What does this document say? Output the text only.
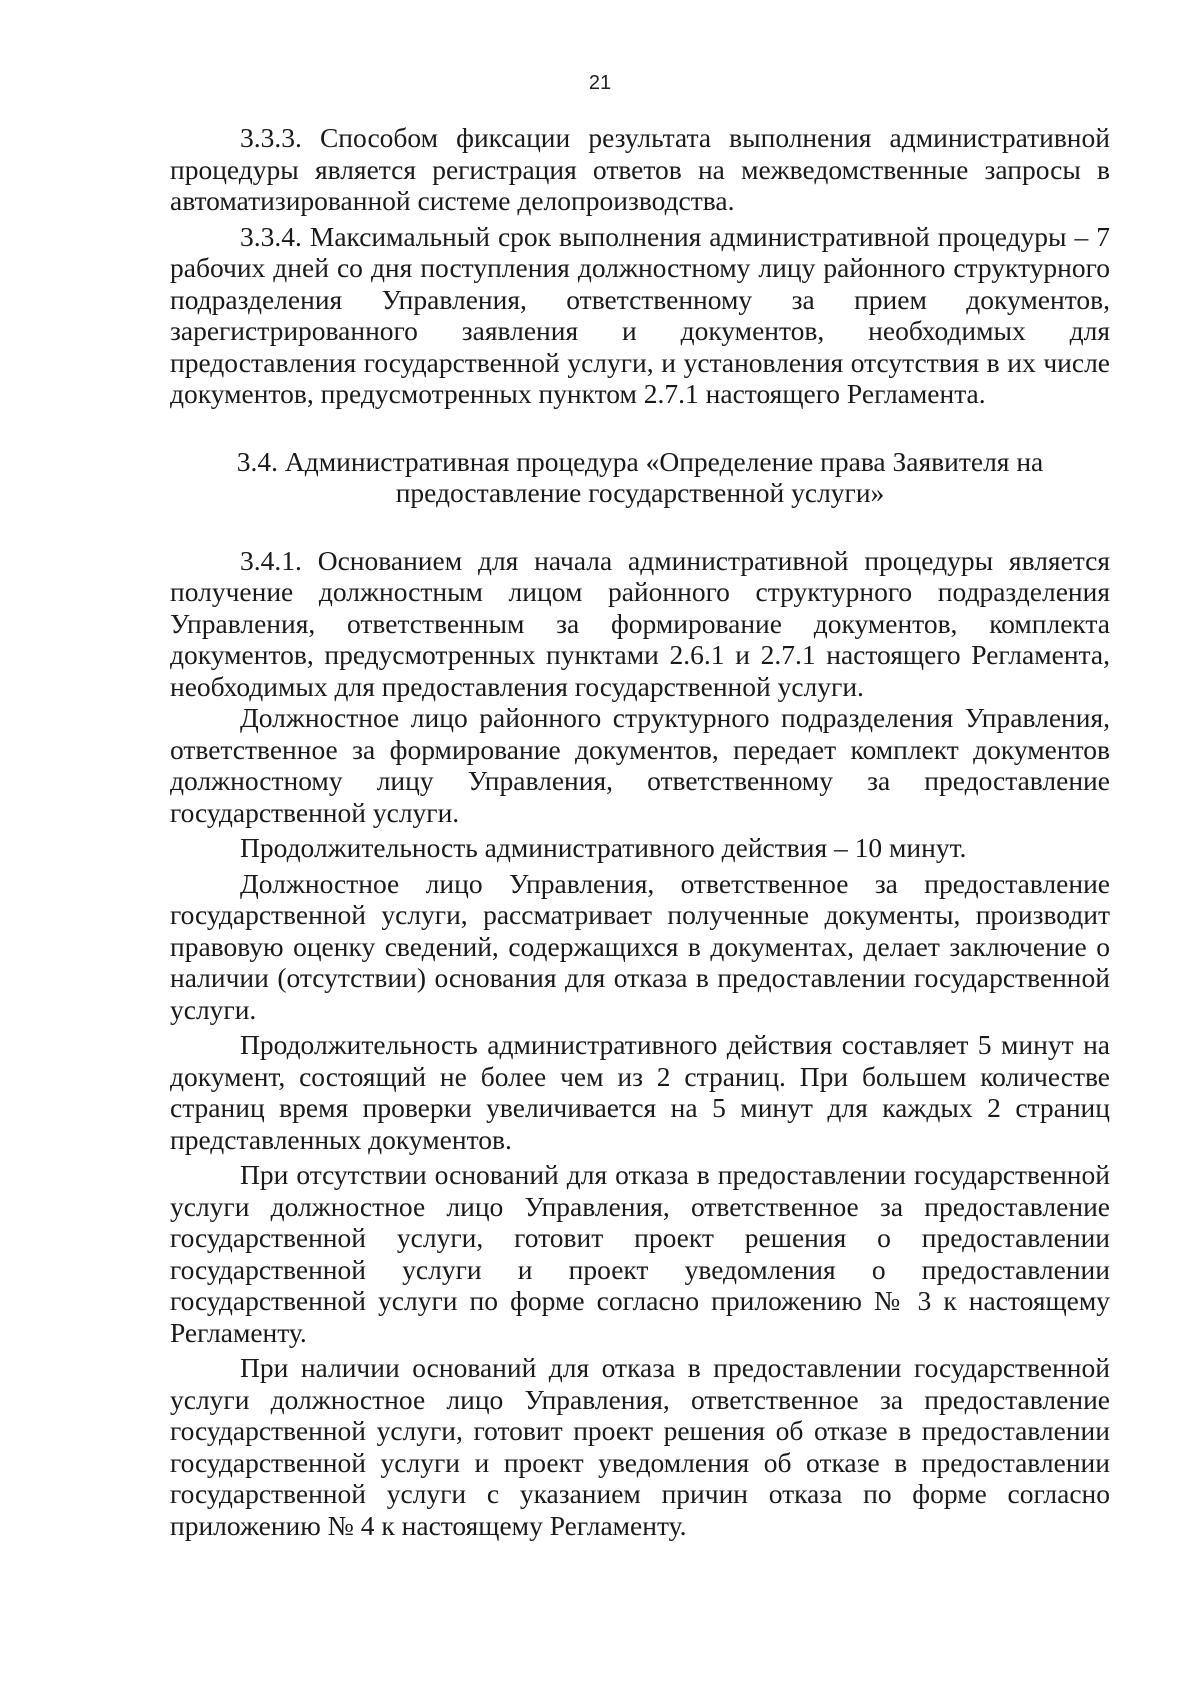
21

3.3.3. Способом фиксации результата выполнения административной процедуры является регистрация ответов на межведомственные запросы в автоматизированной системе делопроизводства.

3.3.4. Максимальный срок выполнения административной процедуры – 7 рабочих дней со дня поступления должностному лицу районного структурного подразделения Управления, ответственному за прием документов, зарегистрированного заявления и документов, необходимых для предоставления государственной услуги, и установления отсутствия в их числе документов, предусмотренных пунктом 2.7.1 настоящего Регламента.

3.4. Административная процедура «Определение права Заявителя на предоставление государственной услуги»

3.4.1. Основанием для начала административной процедуры является получение должностным лицом районного структурного подразделения Управления, ответственным за формирование документов, комплекта документов, предусмотренных пунктами 2.6.1 и 2.7.1 настоящего Регламента, необходимых для предоставления государственной услуги.

Должностное лицо районного структурного подразделения Управления, ответственное за формирование документов, передает комплект документов должностному лицу Управления, ответственному за предоставление государственной услуги.

Продолжительность административного действия – 10 минут.

Должностное лицо Управления, ответственное за предоставление государственной услуги, рассматривает полученные документы, производит правовую оценку сведений, содержащихся в документах, делает заключение о наличии (отсутствии) основания для отказа в предоставлении государственной услуги.

Продолжительность административного действия составляет 5 минут на документ, состоящий не более чем из 2 страниц. При большем количестве страниц время проверки увеличивается на 5 минут для каждых 2 страниц представленных документов.

При отсутствии оснований для отказа в предоставлении государственной услуги должностное лицо Управления, ответственное за предоставление государственной услуги, готовит проект решения о предоставлении государственной услуги и проект уведомления о предоставлении государственной услуги по форме согласно приложению № 3 к настоящему Регламенту.

При наличии оснований для отказа в предоставлении государственной услуги должностное лицо Управления, ответственное за предоставление государственной услуги, готовит проект решения об отказе в предоставлении государственной услуги и проект уведомления об отказе в предоставлении государственной услуги с указанием причин отказа по форме согласно приложению № 4 к настоящему Регламенту.
